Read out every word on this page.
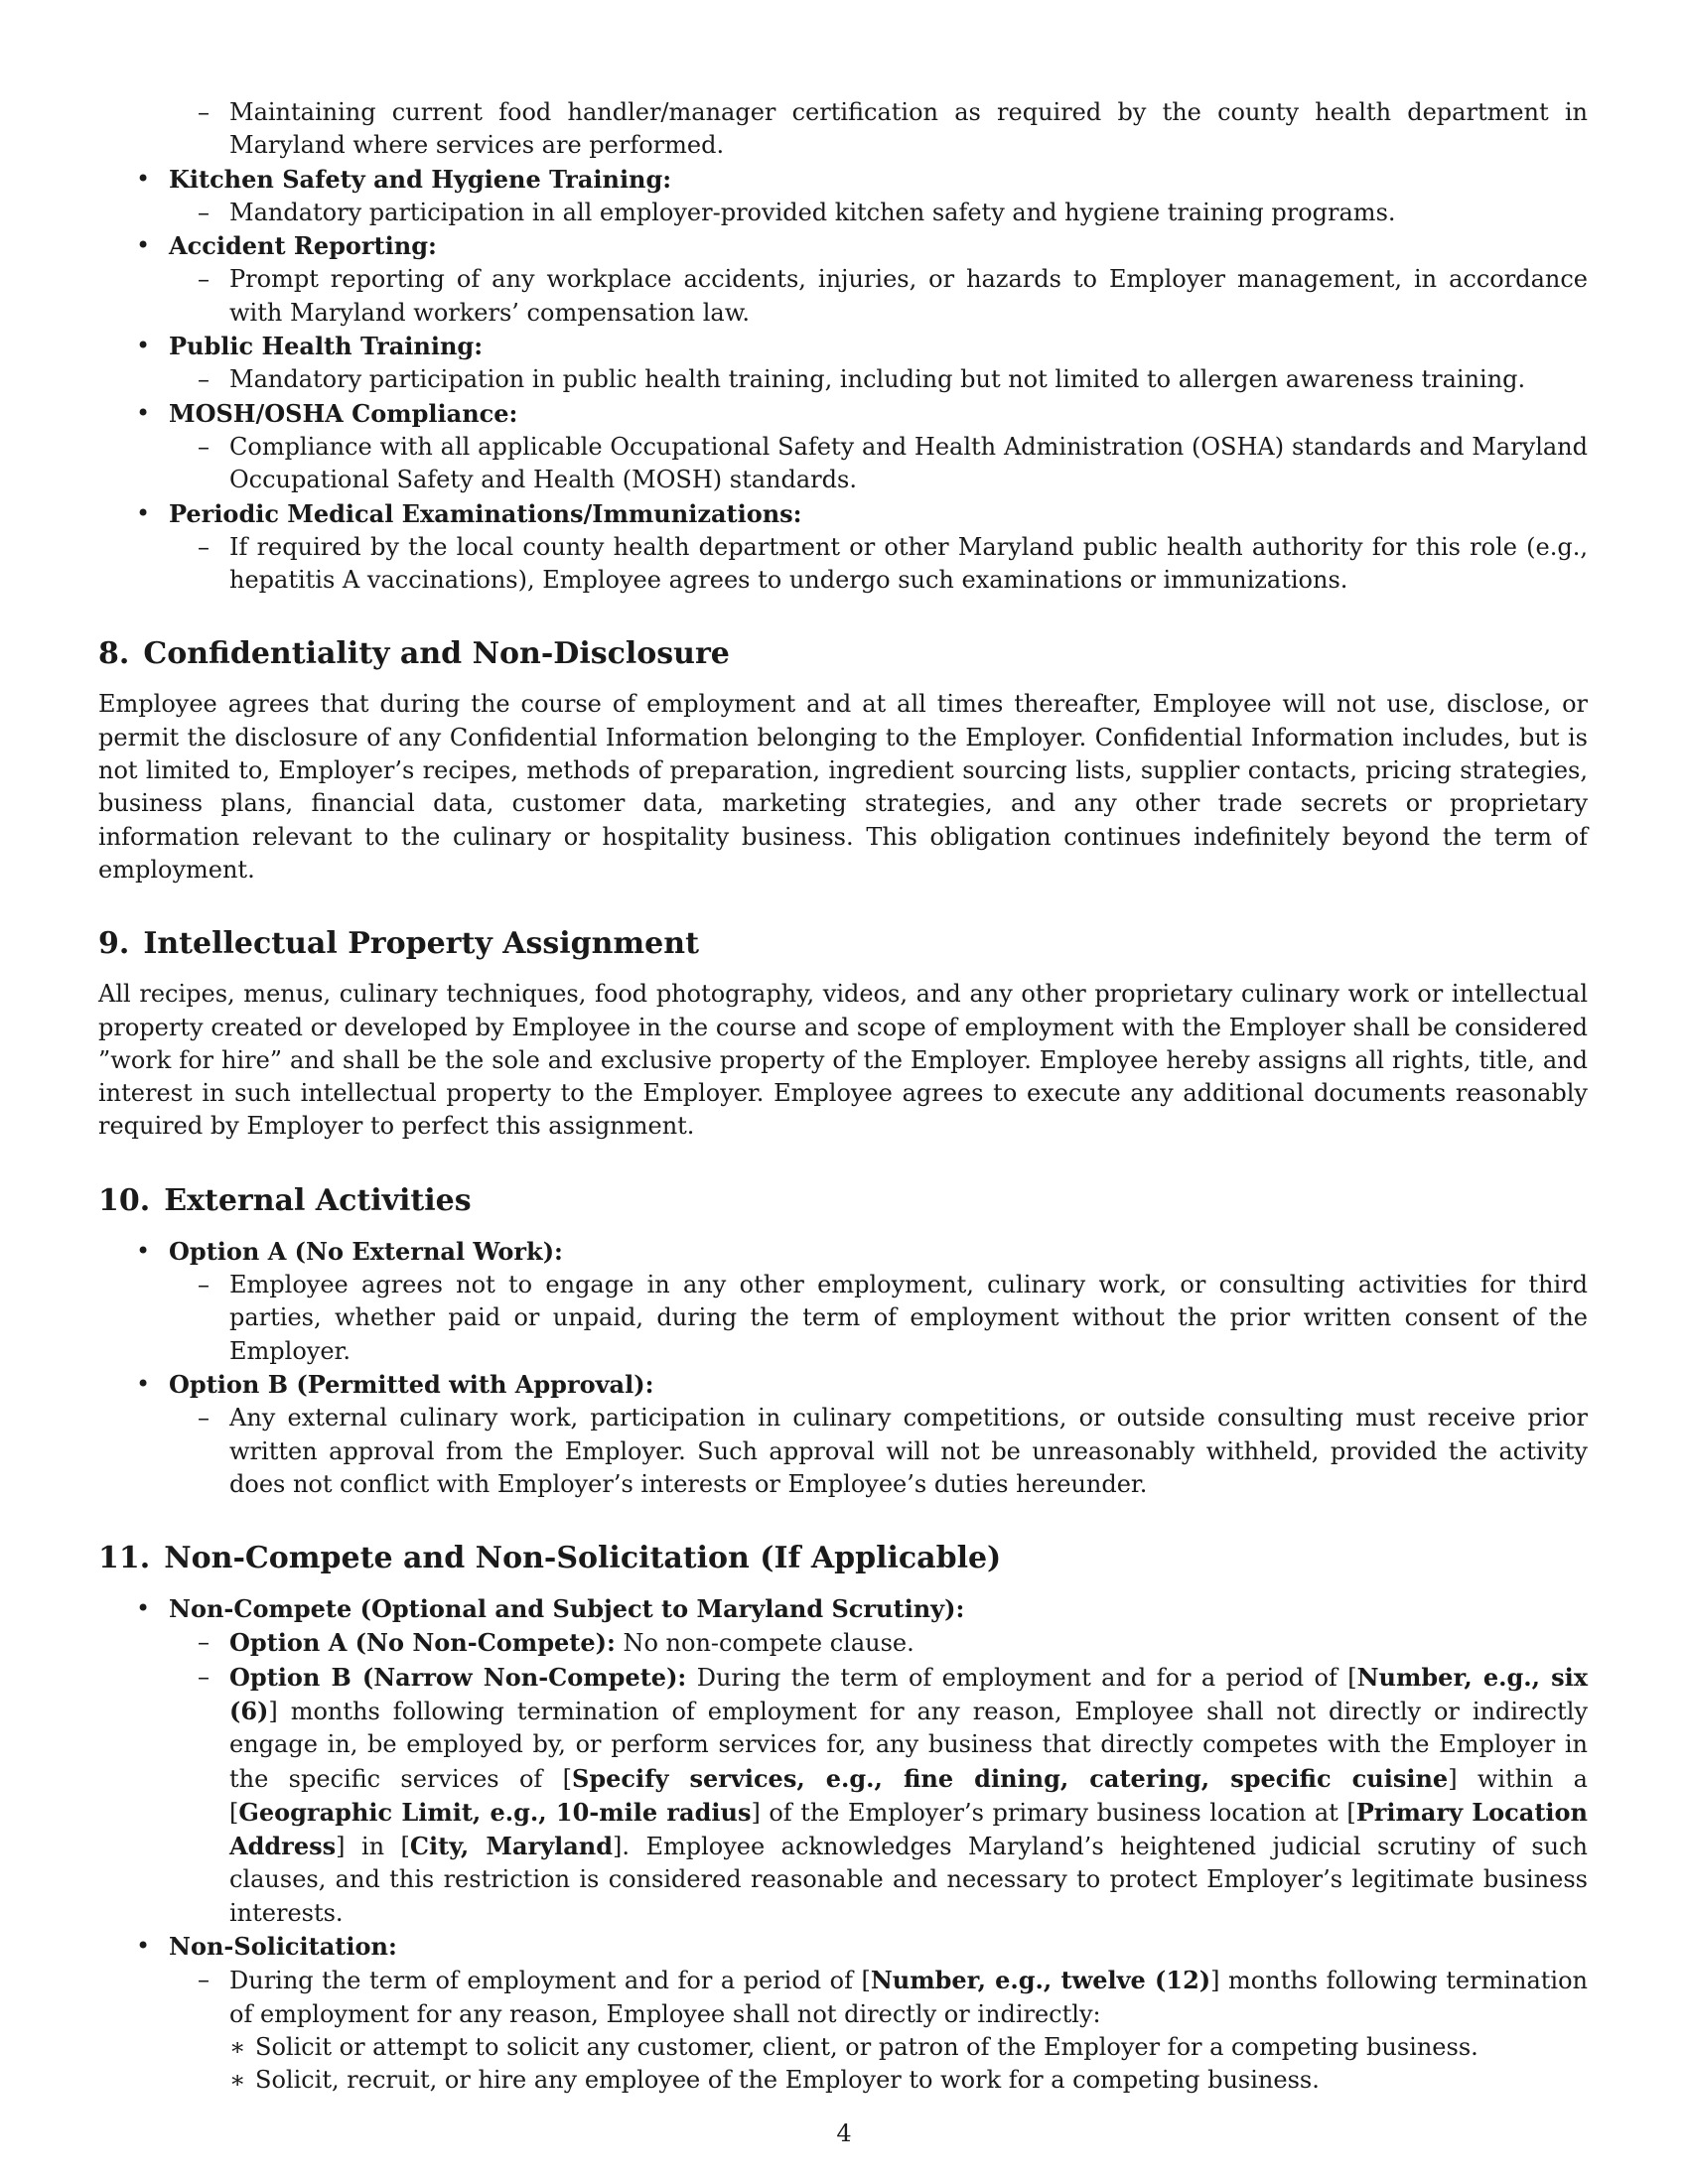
– Maintaining current food handler/manager certification as required by the county health department in Maryland where services are performed.
• Kitchen Safety and Hygiene Training:
– Mandatory participation in all employer-provided kitchen safety and hygiene training programs.
• Accident Reporting:
– Prompt reporting of any workplace accidents, injuries, or hazards to Employer management, in accordance with Maryland workers’ compensation law.
• Public Health Training:
– Mandatory participation in public health training, including but not limited to allergen awareness training.
• MOSH/OSHA Compliance:
– Compliance with all applicable Occupational Safety and Health Administration (OSHA) standards and Maryland Occupational Safety and Health (MOSH) standards.
• Periodic Medical Examinations/Immunizations:
– If required by the local county health department or other Maryland public health authority for this role (e.g., hepatitis A vaccinations), Employee agrees to undergo such examinations or immunizations.
8. Confidentiality and Non-Disclosure

Employee agrees that during the course of employment and at all times thereafter, Employee will not use, disclose, or permit the disclosure of any Confidential Information belonging to the Employer. Confidential Information includes, but is not limited to, Employer’s recipes, methods of preparation, ingredient sourcing lists, supplier contacts, pricing strategies, business plans, financial data, customer data, marketing strategies, and any other trade secrets or proprietary information relevant to the culinary or hospitality business. This obligation continues indefinitely beyond the term of employment.

9. Intellectual Property Assignment

All recipes, menus, culinary techniques, food photography, videos, and any other proprietary culinary work or intellectual property created or developed by Employee in the course and scope of employment with the Employer shall be considered ”work for hire” and shall be the sole and exclusive property of the Employer. Employee hereby assigns all rights, title, and interest in such intellectual property to the Employer. Employee agrees to execute any additional documents reasonably required by Employer to perfect this assignment.

10. External Activities
• Option A (No External Work):
– Employee agrees not to engage in any other employment, culinary work, or consulting activities for third parties, whether paid or unpaid, during the term of employment without the prior written consent of the Employer.
• Option B (Permitted with Approval):
– Any external culinary work, participation in culinary competitions, or outside consulting must receive prior written approval from the Employer. Such approval will not be unreasonably withheld, provided the activity does not conflict with Employer’s interests or Employee’s duties hereunder.
11. Non-Compete and Non-Solicitation (If Applicable)
• Non-Compete (Optional and Subject to Maryland Scrutiny):
– Option A (No Non-Compete): No non-compete clause.
– Option B (Narrow Non-Compete): During the term of employment and for a period of [Number, e.g., six (6)] months following termination of employment for any reason, Employee shall not directly or indirectly engage in, be employed by, or perform services for, any business that directly competes with the Employer in the specific services of [Specify services, e.g., fine dining, catering, specific cuisine] within a [Geographic Limit, e.g., 10-mile radius] of the Employer’s primary business location at [Primary Location Address] in [City, Maryland]. Employee acknowledges Maryland’s heightened judicial scrutiny of such clauses, and this restriction is considered reasonable and necessary to protect Employer’s legitimate business interests.
• Non-Solicitation:
– During the term of employment and for a period of [Number, e.g., twelve (12)] months following termination of employment for any reason, Employee shall not directly or indirectly:
∗ Solicit or attempt to solicit any customer, client, or patron of the Employer for a competing business.
∗ Solicit, recruit, or hire any employee of the Employer to work for a competing business.
4
